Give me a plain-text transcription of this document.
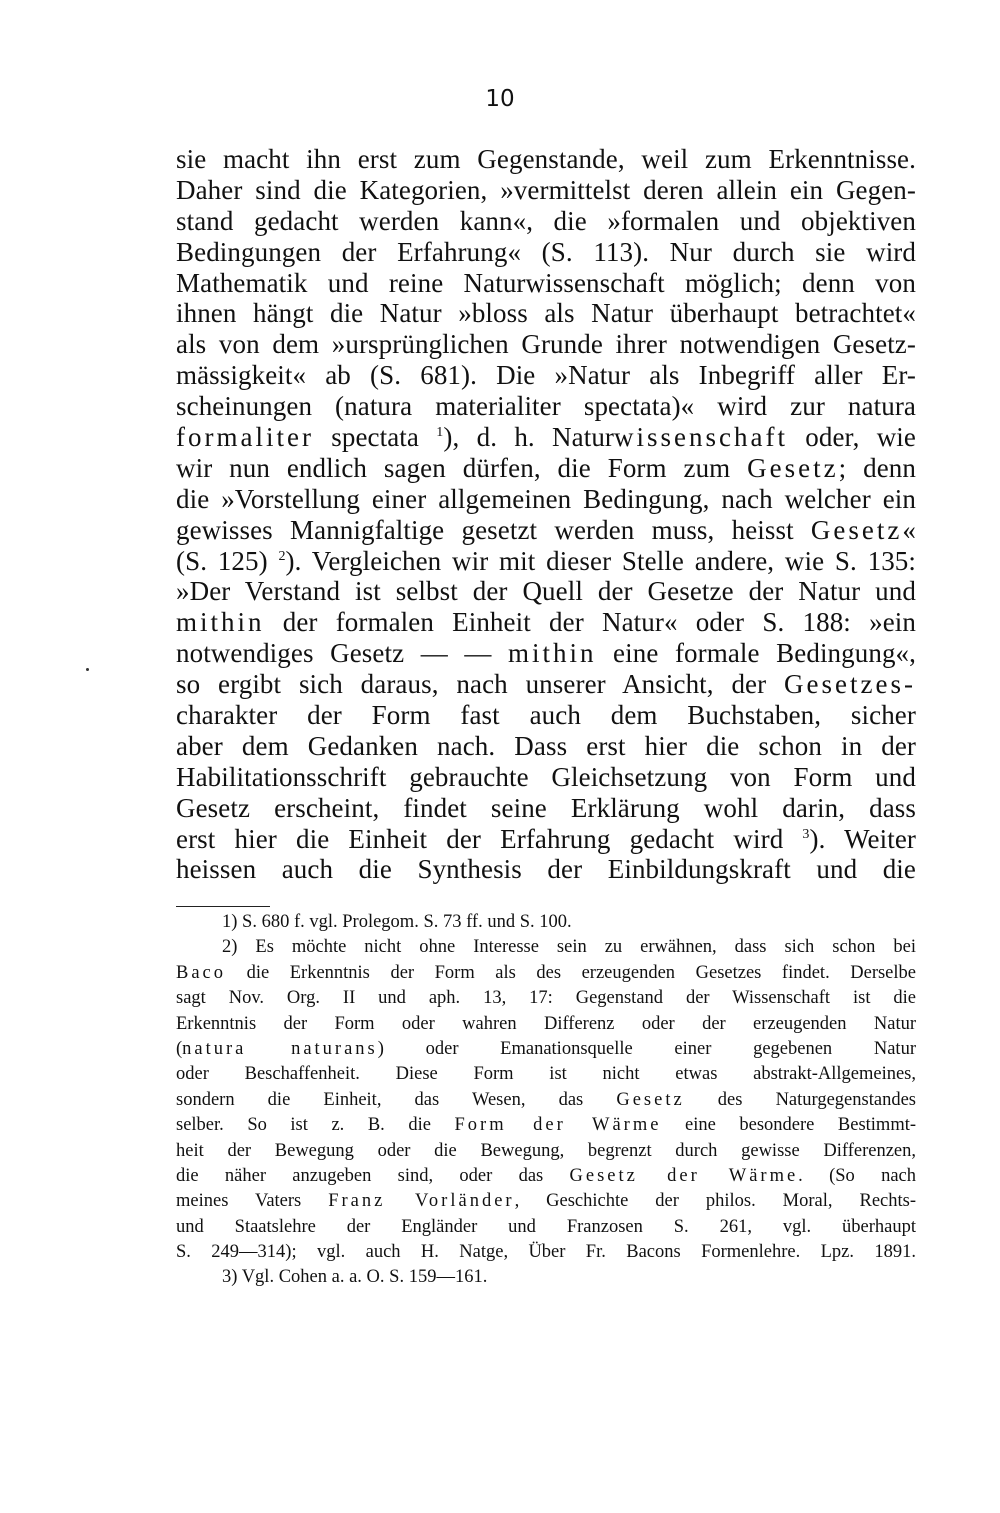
10
sie macht ihn erst zum Gegenstande, weil zum Erkenntnisse.
Daher sind die Kategorien, »vermittelst deren allein ein Gegen-
stand gedacht werden kann«, die »formalen und objektiven
Bedingungen der Erfahrung« (S. 113). Nur durch sie wird
Mathematik und reine Naturwissenschaft möglich; denn von
ihnen hängt die Natur »bloss als Natur überhaupt betrachtet«
als von dem »ursprünglichen Grunde ihrer notwendigen Gesetz-
mässigkeit« ab (S. 681). Die »Natur als Inbegriff aller Er-
scheinungen (natura materialiter spectata)« wird zur natura
formaliter spectata $^1$), d. h. Naturwissenschaft oder, wie
wir nun endlich sagen dürfen, die Form zum Gesetz; denn
die »Vorstellung einer allgemeinen Bedingung, nach welcher ein
gewisses Mannigfaltige gesetzt werden muss, heisst Gesetz«
(S. 125) $^2$). Vergleichen wir mit dieser Stelle andere, wie S. 135:
»Der Verstand ist selbst der Quell der Gesetze der Natur und
mithin der formalen Einheit der Natur« oder S. 188: »ein
notwendiges Gesetz — — mithin eine formale Bedingung«,
so ergibt sich daraus, nach unserer Ansicht, der Gesetzes-
charakter der Form fast auch dem Buchstaben, sicher
aber dem Gedanken nach. Dass erst hier die schon in der
Habilitationsschrift gebrauchte Gleichsetzung von Form und
Gesetz erscheint, findet seine Erklärung wohl darin, dass
erst hier die Einheit der Erfahrung gedacht wird $^3$). Weiter
heissen auch die Synthesis der Einbildungskraft und die
1) S. 680 f. vgl. Prolegom. S. 73 ff. und S. 100.
2) Es möchte nicht ohne Interesse sein zu erwähnen, dass sich schon bei
Baco die Erkenntnis der Form als des erzeugenden Gesetzes findet. Derselbe
sagt Nov. Org. II und aph. 13, 17: Gegenstand der Wissenschaft ist die
Erkenntnis der Form oder wahren Differenz oder der erzeugenden Natur
(natura naturans) oder Emanationsquelle einer gegebenen Natur
oder Beschaffenheit. Diese Form ist nicht etwas abstrakt-Allgemeines,
sondern die Einheit, das Wesen, das Gesetz des Naturgegenstandes
selber. So ist z. B. die Form der Wärme eine besondere Bestimmt-
heit der Bewegung oder die Bewegung, begrenzt durch gewisse Differenzen,
die näher anzugeben sind, oder das Gesetz der Wärme. (So nach
meines Vaters Franz Vorländer, Geschichte der philos. Moral, Rechts-
und Staatslehre der Engländer und Franzosen S. 261, vgl. überhaupt
S. 249—314); vgl. auch H. Natge, Über Fr. Bacons Formenlehre. Lpz. 1891.
3) Vgl. Cohen a. a. O. S. 159—161.
